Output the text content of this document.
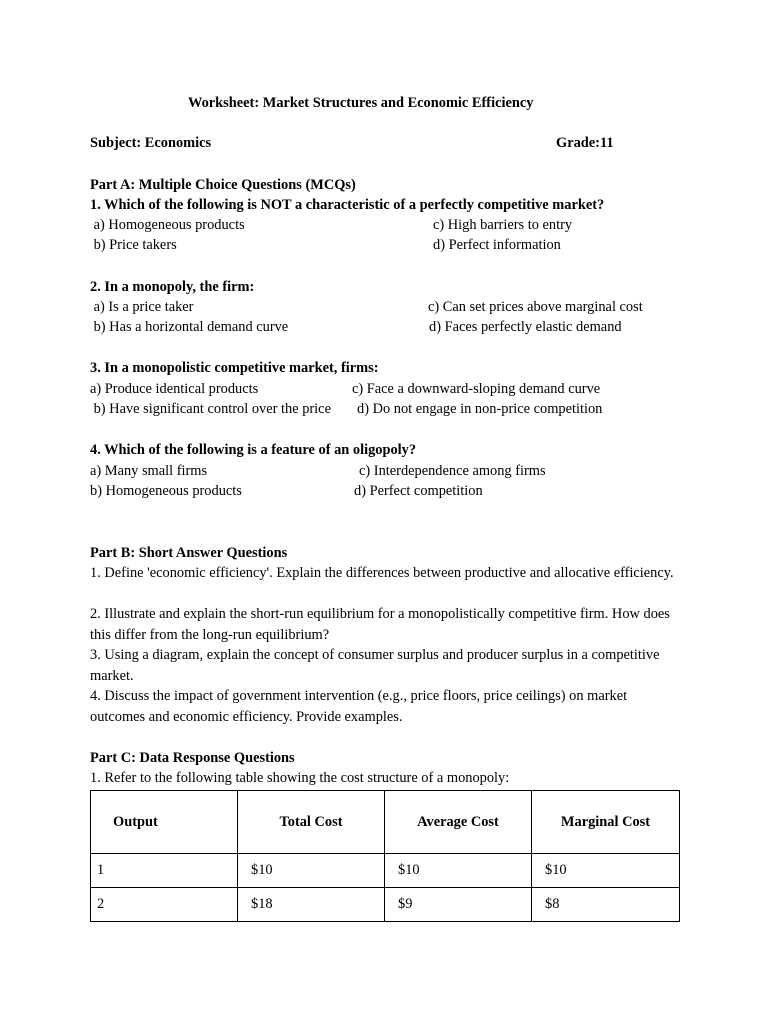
Worksheet: Market Structures and Economic Efficiency
Subject: Economics	Grade:11
Part A: Multiple Choice Questions (MCQs)
1. Which of the following is NOT a characteristic of a perfectly competitive market?
a) Homogeneous products	c) High barriers to entry
b) Price takers	d) Perfect information
2. In a monopoly, the firm:
a) Is a price taker	c) Can set prices above marginal cost
b) Has a horizontal demand curve	d) Faces perfectly elastic demand
3. In a monopolistic competitive market, firms:
a) Produce identical products	c) Face a downward-sloping demand curve
b) Have significant control over the price d) Do not engage in non-price competition
4. Which of the following is a feature of an oligopoly?
a) Many small firms	c) Interdependence among firms
b) Homogeneous products	d) Perfect competition
Part B: Short Answer Questions
1. Define 'economic efficiency'. Explain the differences between productive and allocative efficiency.
2. Illustrate and explain the short-run equilibrium for a monopolistically competitive firm. How does this differ from the long-run equilibrium?
3. Using a diagram, explain the concept of consumer surplus and producer surplus in a competitive market.
4. Discuss the impact of government intervention (e.g., price floors, price ceilings) on market outcomes and economic efficiency. Provide examples.
Part C: Data Response Questions
1. Refer to the following table showing the cost structure of a monopoly:
Output	Total Cost	Average Cost	Marginal Cost
1	$10	$10	$10
2	$18	$9	$8
